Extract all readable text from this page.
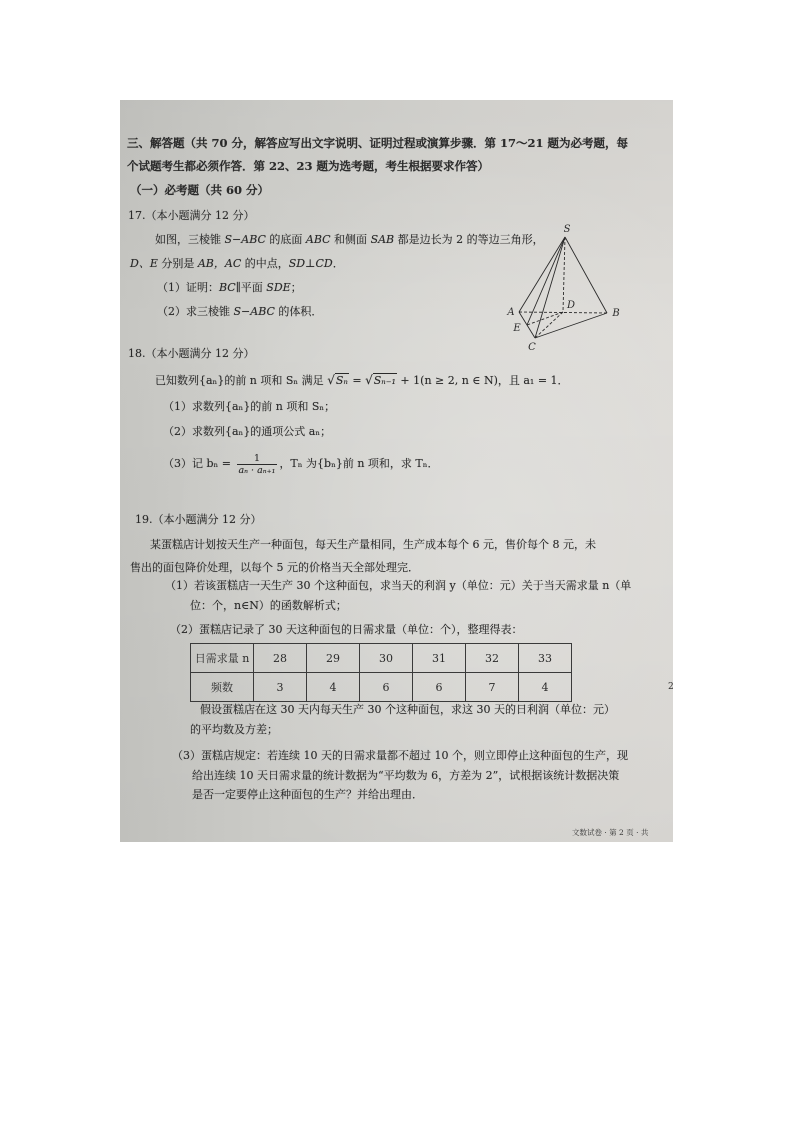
三、解答题（共 70 分，解答应写出文字说明、证明过程或演算步骤．第 17～21 题为必考题，每
个试题考生都必须作答．第 22、23 题为选考题，考生根据要求作答）
（一）必考题（共 60 分）
17.（本小题满分 12 分）
如图，三棱锥 S−ABC 的底面 ABC 和侧面 SAB 都是边长为 2 的等边三角形，
D、E 分别是 AB，AC 的中点，SD⊥CD．
（1）证明：BC∥平面 SDE；
（2）求三棱锥 S−ABC 的体积．
S
A	B
C
D
E
18.（本小题满分 12 分）
已知数列{aₙ}的前 n 项和 Sₙ 满足 √Sₙ = √Sₙ₋₁ + 1(n ≥ 2, n ∈ N)，且 a₁ = 1．
（1）求数列{aₙ}的前 n 项和 Sₙ；
（2）求数列{aₙ}的通项公式 aₙ；
（3）记 $b_n = \frac{1}{\text{aₙ · aₙ₊₁}}$ ，Tₙ 为{bₙ}前 n 项和，求 Tₙ．
19.（本小题满分 12 分）
某蛋糕店计划按天生产一种面包，每天生产量相同，生产成本每个 6 元，售价每个 8 元，未
售出的面包降价处理，以每个 5 元的价格当天全部处理完．
（1）若该蛋糕店一天生产 30 个这种面包，求当天的利润 y（单位：元）关于当天需求量 n（单
位：个，n∈N）的函数解析式；
（2）蛋糕店记录了 30 天这种面包的日需求量（单位：个），整理得表：
日需求量 n	28	29	30	31	32	33
频数	3	4	6	6	7	4
假设蛋糕店在这 30 天内每天生产 30 个这种面包，求这 30 天的日利润（单位：元）
的平均数及方差；
（3）蛋糕店规定：若连续 10 天的日需求量都不超过 10 个，则立即停止这种面包的生产，现
给出连续 10 天日需求量的统计数据为“平均数为 6，方差为 2”，试根据该统计数据决策
是否一定要停止这种面包的生产？并给出理由．
2
文数试卷 · 第 2 页 · 共
